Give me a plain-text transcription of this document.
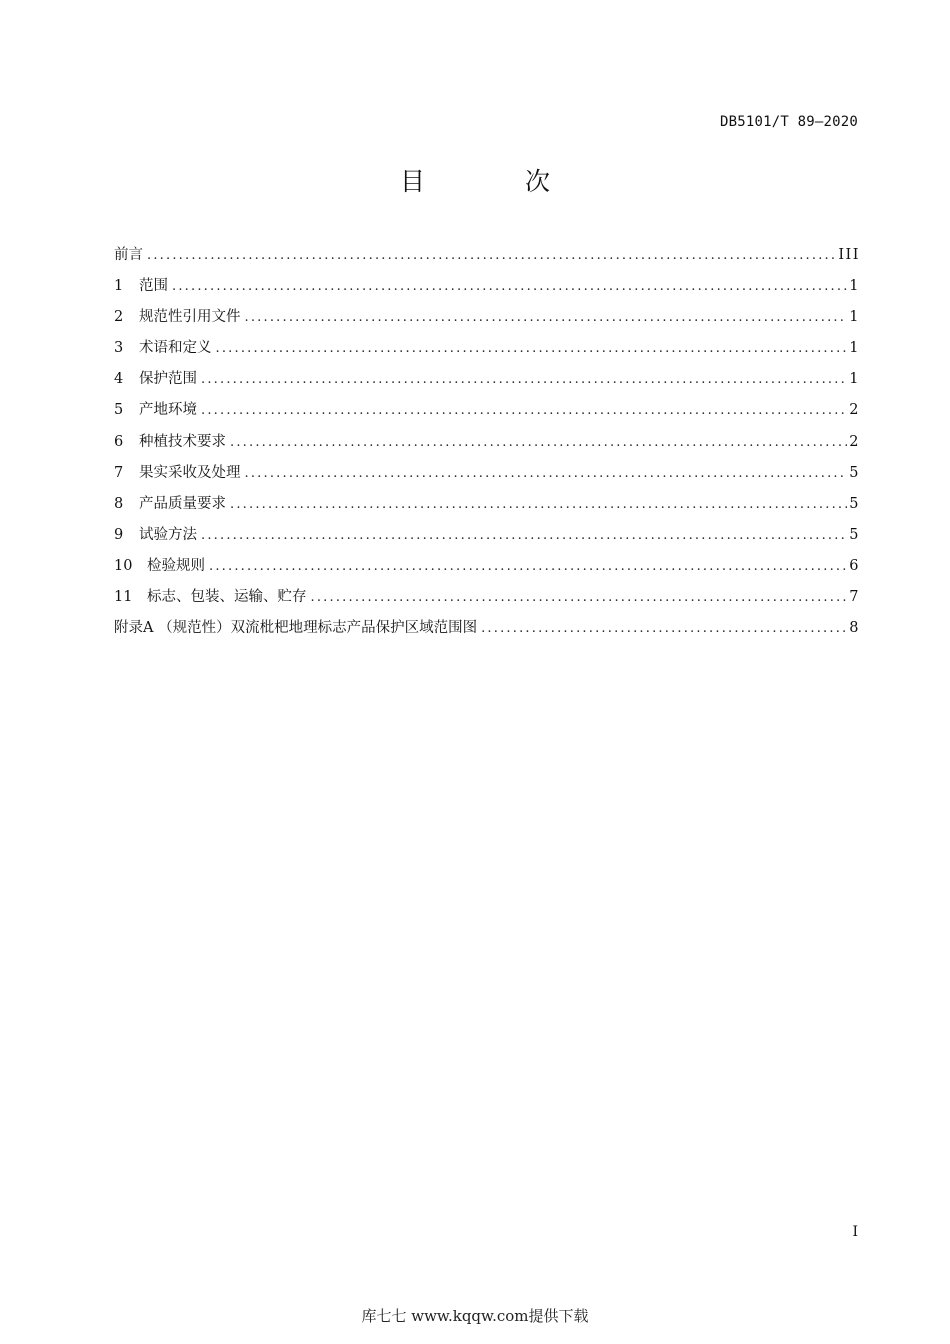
DB5101/T 89—2020
目 次
前言 .....	III
1	范围 .....	1
2	规范性引用文件 .....	1
3	术语和定义 .....	1
4	保护范围 .....	1
5	产地环境 .....	2
6	种植技术要求 .....	2
7	果实采收及处理 .....	5
8	产品质量要求 .....	5
9	试验方法 .....	5
10	检验规则 .....	6
11	标志、包装、运输、贮存 .....	7
附录A （规范性）双流枇杷地理标志产品保护区域范围图 .....	8
I
库七七 www.kqqw.com提供下载
